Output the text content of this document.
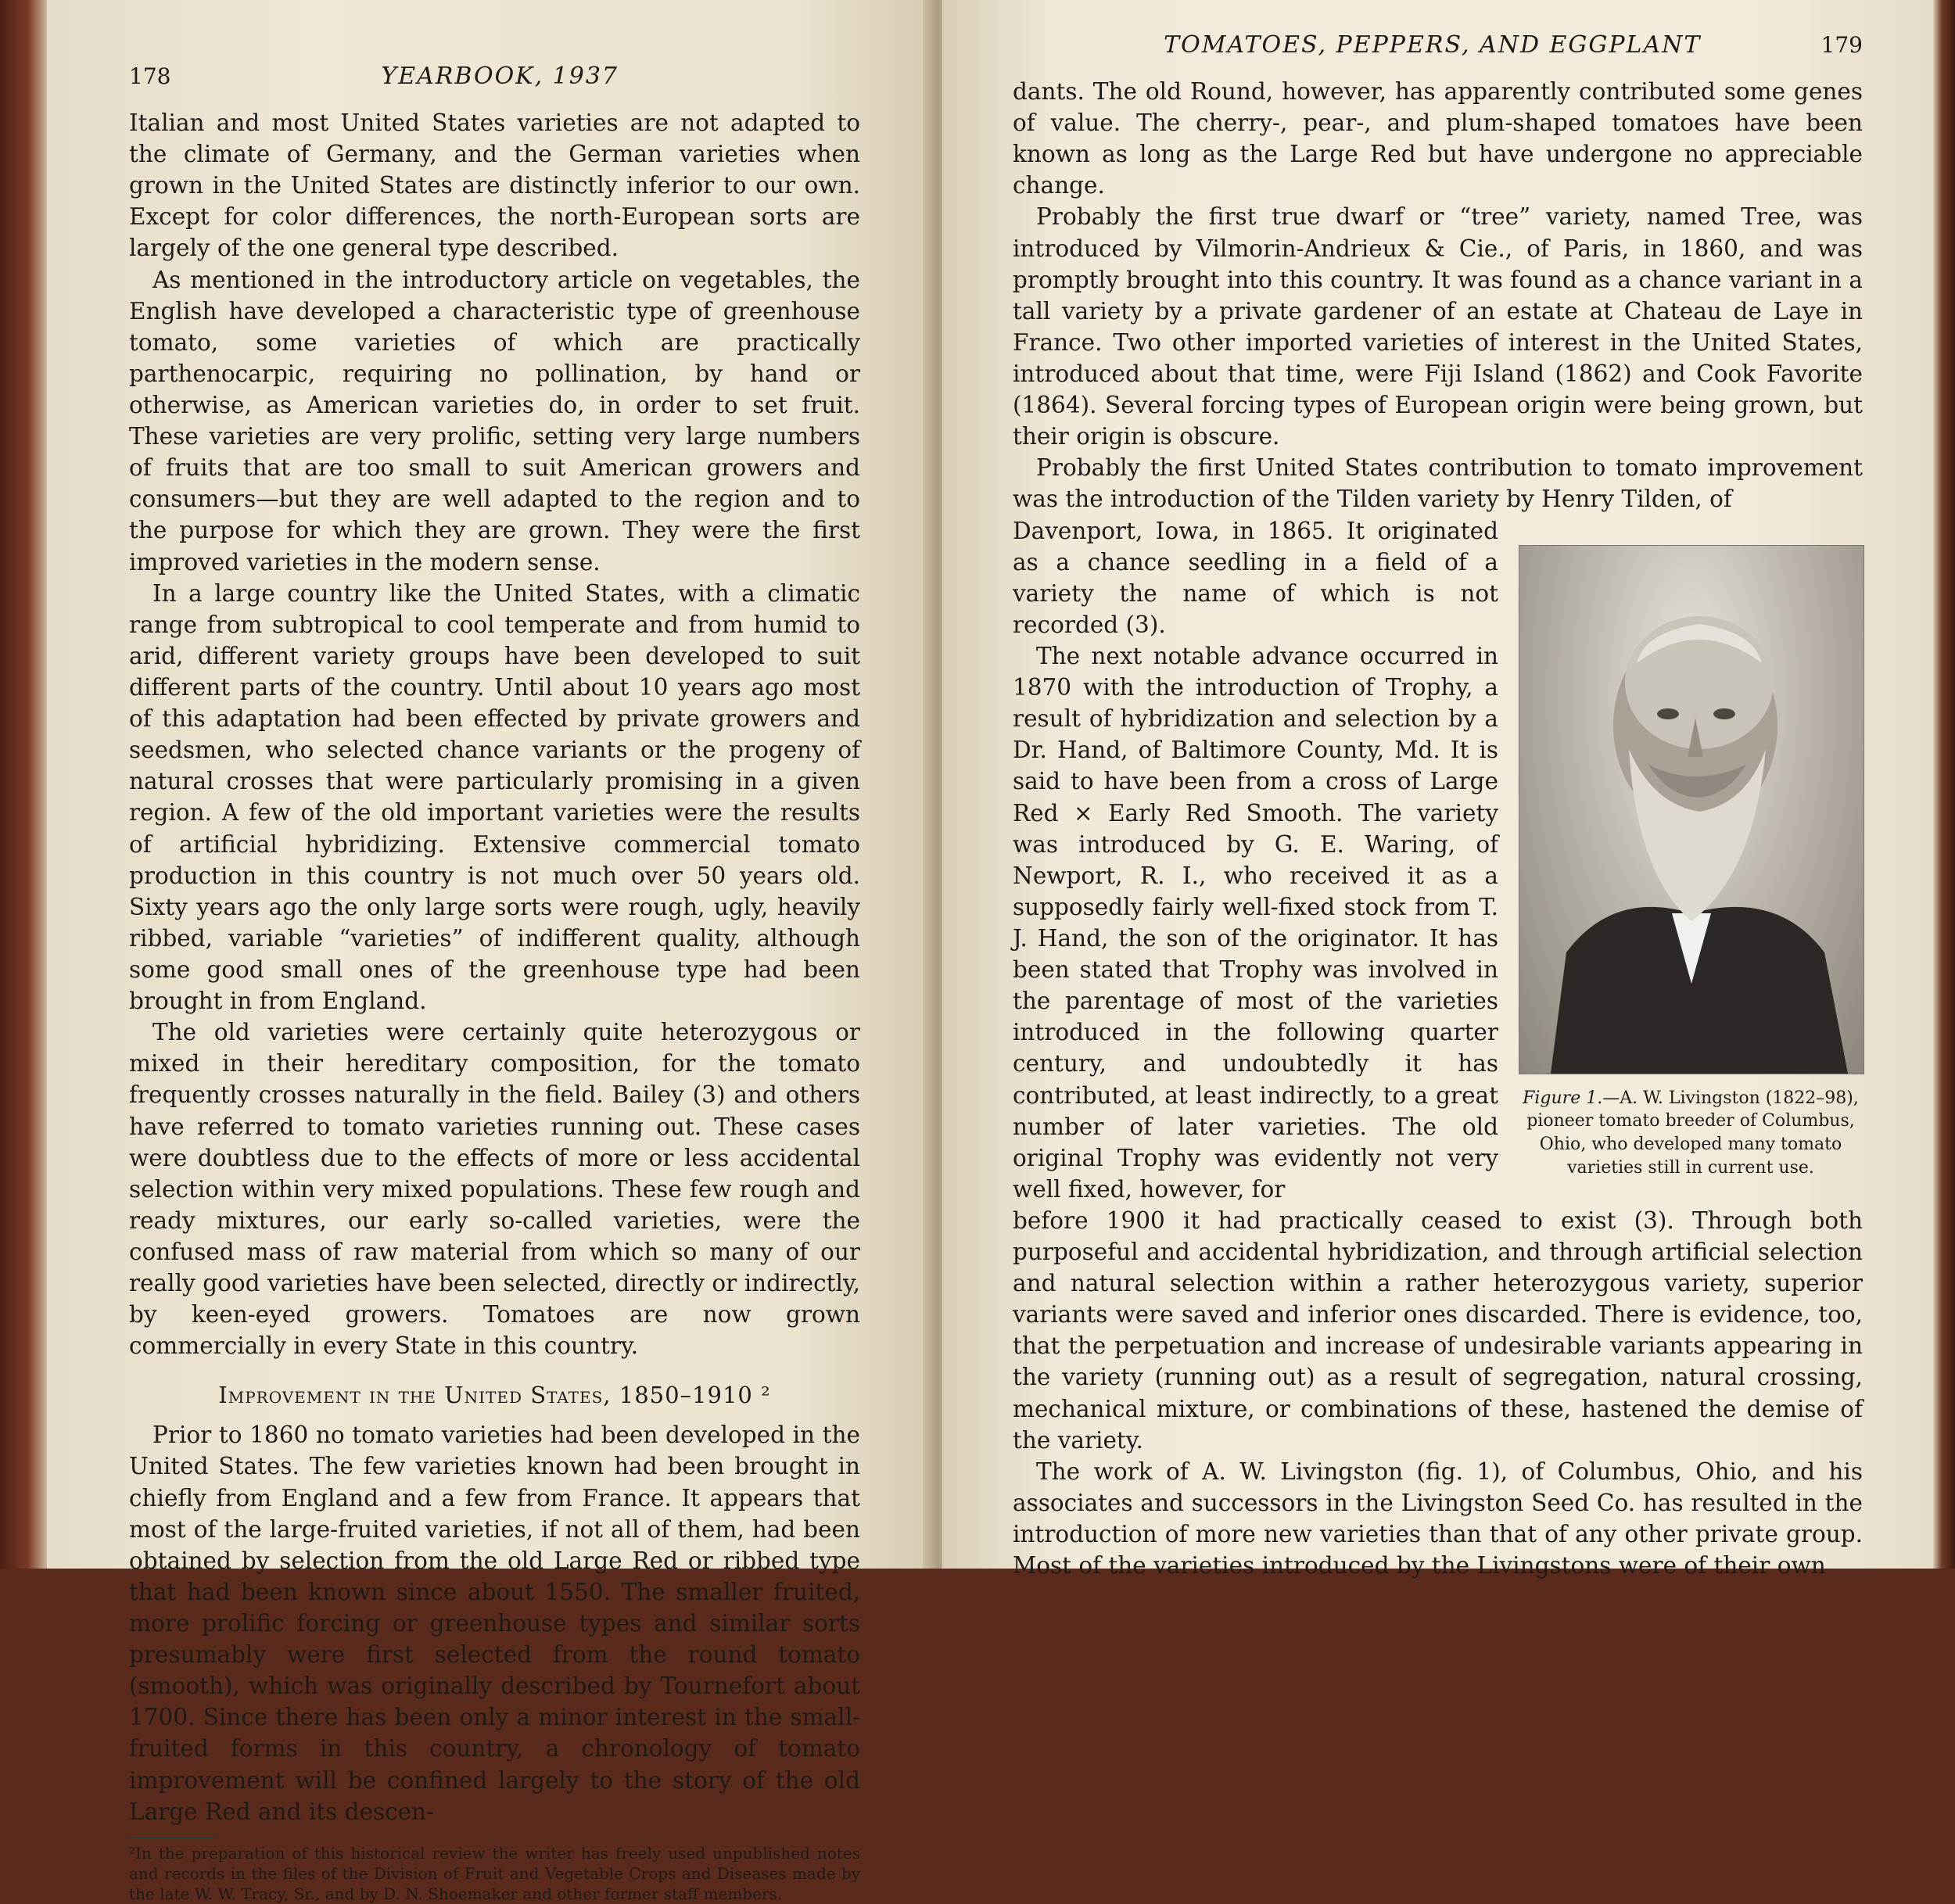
178	YEARBOOK, 1937

Italian and most United States varieties are not adapted to the climate of Germany, and the German varieties when grown in the United States are distinctly inferior to our own. Except for color differences, the north-European sorts are largely of the one general type described.

As mentioned in the introductory article on vegetables, the English have developed a characteristic type of greenhouse tomato, some varieties of which are practically parthenocarpic, requiring no pollination, by hand or otherwise, as American varieties do, in order to set fruit. These varieties are very prolific, setting very large numbers of fruits that are too small to suit American growers and consumers—but they are well adapted to the region and to the purpose for which they are grown. They were the first improved varieties in the modern sense.

In a large country like the United States, with a climatic range from subtropical to cool temperate and from humid to arid, different variety groups have been developed to suit different parts of the country. Until about 10 years ago most of this adaptation had been effected by private growers and seedsmen, who selected chance variants or the progeny of natural crosses that were particularly promising in a given region. A few of the old important varieties were the results of artificial hybridizing. Extensive commercial tomato production in this country is not much over 50 years old. Sixty years ago the only large sorts were rough, ugly, heavily ribbed, variable “varieties” of indifferent quality, although some good small ones of the greenhouse type had been brought in from England.

The old varieties were certainly quite heterozygous or mixed in their hereditary composition, for the tomato frequently crosses naturally in the field. Bailey (3) and others have referred to tomato varieties running out. These cases were doubtless due to the effects of more or less accidental selection within very mixed populations. These few rough and ready mixtures, our early so-called varieties, were the confused mass of raw material from which so many of our really good varieties have been selected, directly or indirectly, by keen-eyed growers. Tomatoes are now grown commercially in every State in this country.

Improvement in the United States, 1850–1910 ²

Prior to 1860 no tomato varieties had been developed in the United States. The few varieties known had been brought in chiefly from England and a few from France. It appears that most of the large-fruited varieties, if not all of them, had been obtained by selection from the old Large Red or ribbed type that had been known since about 1550. The smaller fruited, more prolific forcing or greenhouse types and similar sorts presumably were first selected from the round tomato (smooth), which was originally described by Tournefort about 1700. Since there has been only a minor interest in the small-fruited forms in this country, a chronology of tomato improvement will be confined largely to the story of the old Large Red and its descen-

²In the preparation of this historical review the writer has freely used unpublished notes and records in the files of the Division of Fruit and Vegetable Crops and Diseases made by the late W. W. Tracy, Sr., and by D. N. Shoemaker and other former staff members.
TOMATOES, PEPPERS, AND EGGPLANT	179

dants. The old Round, however, has apparently contributed some genes of value. The cherry-, pear-, and plum-shaped tomatoes have been known as long as the Large Red but have undergone no appreciable change.

Probably the first true dwarf or “tree” variety, named Tree, was introduced by Vilmorin-Andrieux & Cie., of Paris, in 1860, and was promptly brought into this country. It was found as a chance variant in a tall variety by a private gardener of an estate at Chateau de Laye in France. Two other imported varieties of interest in the United States, introduced about that time, were Fiji Island (1862) and Cook Favorite (1864). Several forcing types of European origin were being grown, but their origin is obscure.

Probably the first United States contribution to tomato improvement was the introduction of the Tilden variety by Henry Tilden, of

Davenport, Iowa, in 1865. It originated as a chance seedling in a field of a variety the name of which is not recorded (3).

The next notable advance occurred in 1870 with the introduction of Trophy, a result of hybridization and selection by a Dr. Hand, of Baltimore County, Md. It is said to have been from a cross of Large Red × Early Red Smooth. The variety was introduced by G. E. Waring, of Newport, R. I., who received it as a supposedly fairly well-fixed stock from T. J. Hand, the son of the originator. It has been stated that Trophy was involved in the parentage of most of the varieties introduced in the following quarter century, and undoubtedly it has contributed, at least indirectly, to a great number of later varieties. The old original Trophy was evidently not very well fixed, however, for

Figure 1.—A. W. Livingston (1822–98), pioneer tomato breeder of Columbus, Ohio, who developed many tomato varieties still in current use.

before 1900 it had practically ceased to exist (3). Through both purposeful and accidental hybridization, and through artificial selection and natural selection within a rather heterozygous variety, superior variants were saved and inferior ones discarded. There is evidence, too, that the perpetuation and increase of undesirable variants appearing in the variety (running out) as a result of segregation, natural crossing, mechanical mixture, or combinations of these, hastened the demise of the variety.

The work of A. W. Livingston (fig. 1), of Columbus, Ohio, and his associates and successors in the Livingston Seed Co. has resulted in the introduction of more new varieties than that of any other private group. Most of the varieties introduced by the Livingstons were of their own
